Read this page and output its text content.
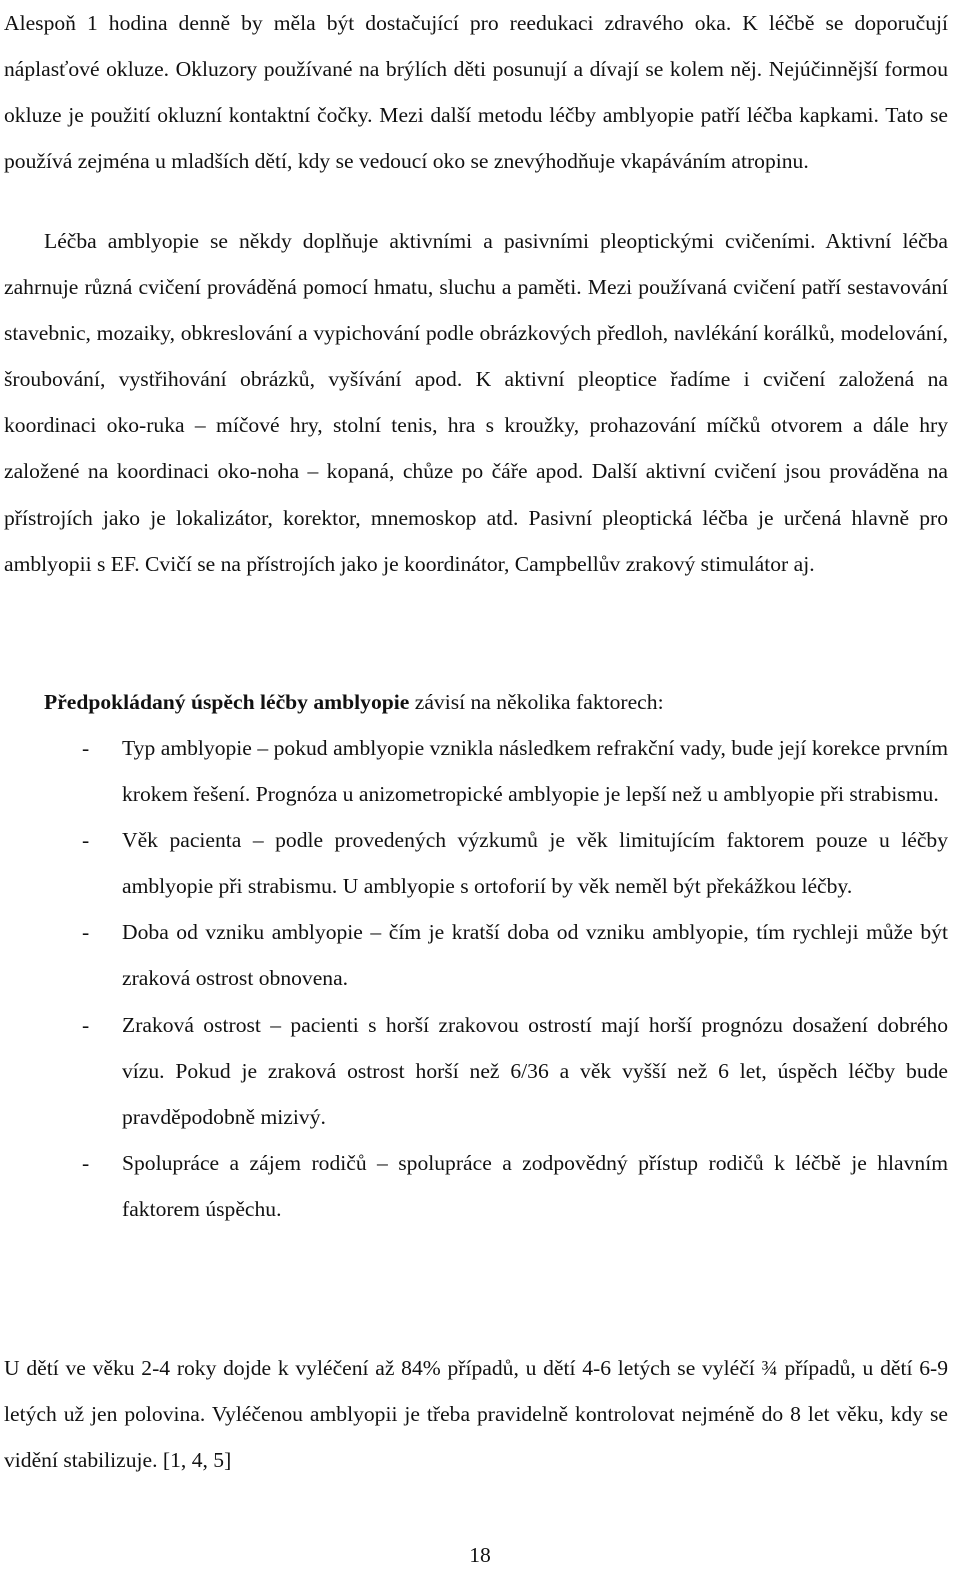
Alespoň 1 hodina denně by měla být dostačující pro reedukaci zdravého oka. K léčbě se doporučují náplasťové okluze. Okluzory používané na brýlích děti posunují a dívají se kolem něj. Nejúčinnější formou okluze je použití okluzní kontaktní čočky. Mezi další metodu léčby amblyopie patří léčba kapkami. Tato se používá zejména u mladších dětí, kdy se vedoucí oko se znevýhodňuje vkapáváním atropinu.

Léčba amblyopie se někdy doplňuje aktivními a pasivními pleoptickými cvičeními. Aktivní léčba zahrnuje různá cvičení prováděná pomocí hmatu, sluchu a paměti. Mezi používaná cvičení patří sestavování stavebnic, mozaiky, obkreslování a vypichování podle obrázkových předloh, navlékání korálků, modelování, šroubování, vystřihování obrázků, vyšívání apod. K aktivní pleoptice řadíme i cvičení založená na koordinaci oko-ruka – míčové hry, stolní tenis, hra s kroužky, prohazování míčků otvorem a dále hry založené na koordinaci oko-noha – kopaná, chůze po čáře apod. Další aktivní cvičení jsou prováděna na přístrojích jako je lokalizátor, korektor, mnemoskop atd. Pasivní pleoptická léčba je určená hlavně pro amblyopii s EF. Cvičí se na přístrojích jako je koordinátor, Campbellův zrakový stimulátor aj.

Předpokládaný úspěch léčby amblyopie závisí na několika faktorech:

- Typ amblyopie – pokud amblyopie vznikla následkem refrakční vady, bude její korekce prvním krokem řešení. Prognóza u anizometropické amblyopie je lepší než u amblyopie při strabismu.
- Věk pacienta – podle provedených výzkumů je věk limitujícím faktorem pouze u léčby amblyopie při strabismu. U amblyopie s ortoforií by věk neměl být překážkou léčby.
- Doba od vzniku amblyopie – čím je kratší doba od vzniku amblyopie, tím rychleji může být zraková ostrost obnovena.
- Zraková ostrost – pacienti s horší zrakovou ostrostí mají horší prognózu dosažení dobrého vízu. Pokud je zraková ostrost horší než 6/36 a věk vyšší než 6 let, úspěch léčby bude pravděpodobně mizivý.
- Spolupráce a zájem rodičů – spolupráce a zodpovědný přístup rodičů k léčbě je hlavním faktorem úspěchu.

U dětí ve věku 2-4 roky dojde k vyléčení až 84% případů, u dětí 4-6 letých se vyléčí ¾ případů, u dětí 6-9 letých už jen polovina. Vyléčenou amblyopii je třeba pravidelně kontrolovat nejméně do 8 let věku, kdy se vidění stabilizuje. [1, 4, 5]

18
